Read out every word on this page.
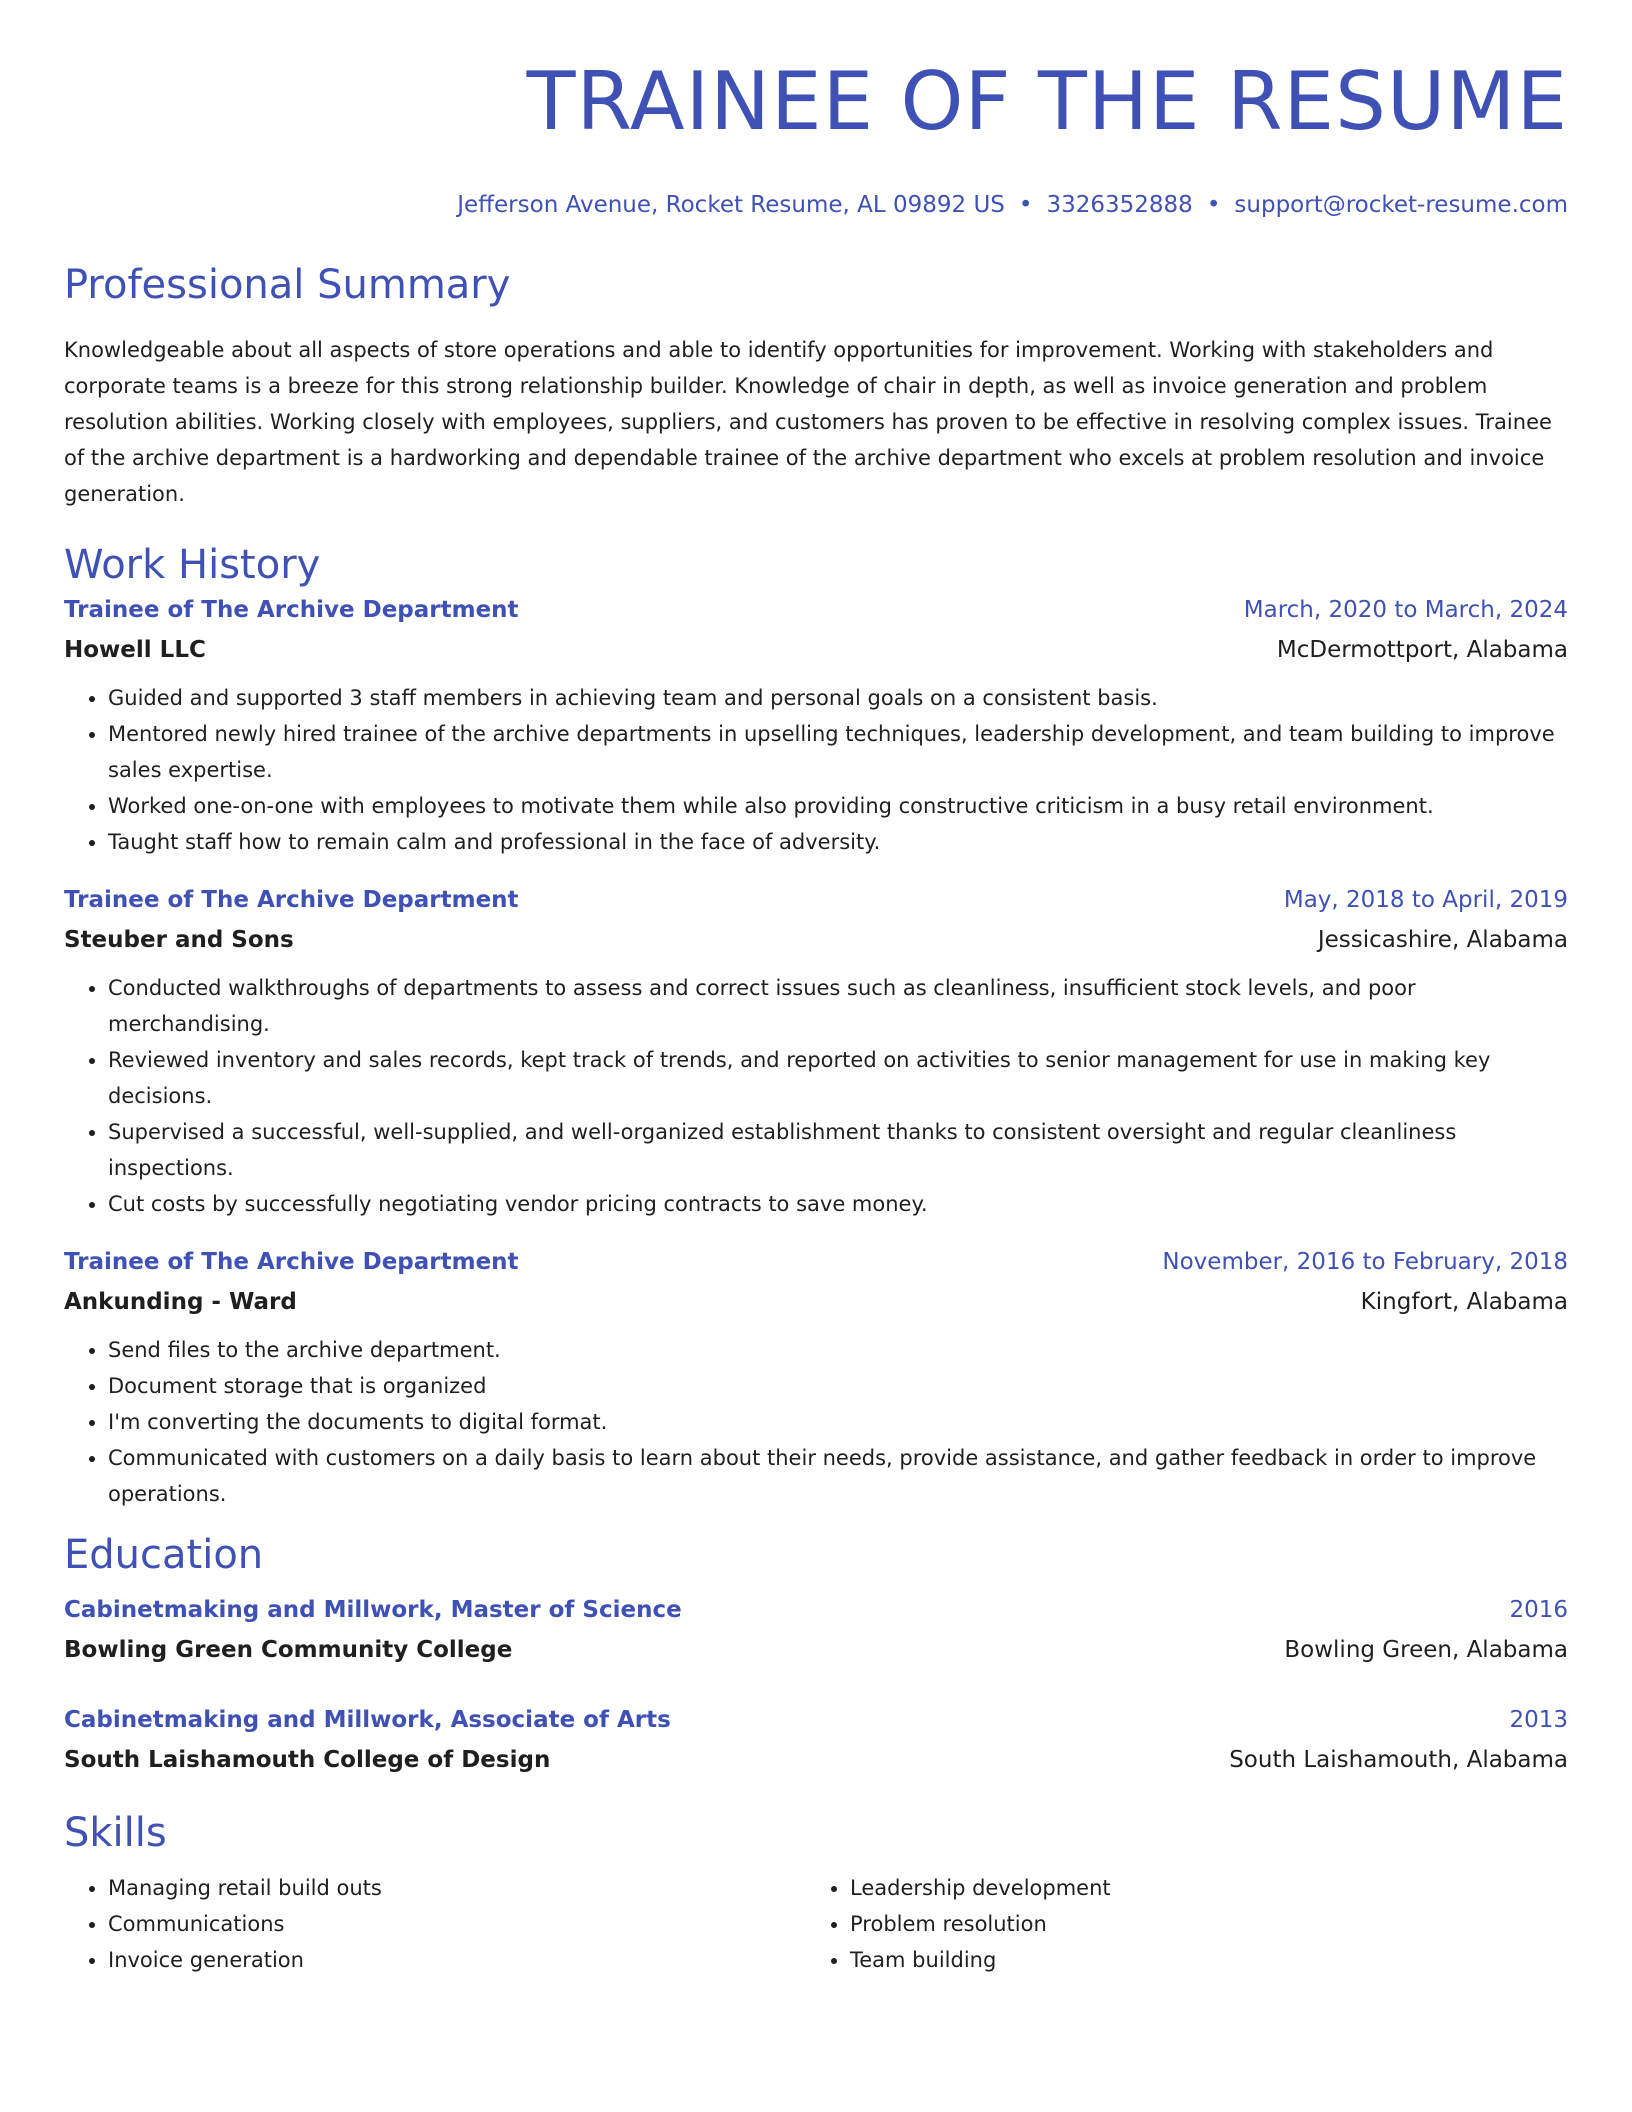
TRAINEE OF THE RESUME
Jefferson Avenue, Rocket Resume, AL 09892 US • 3326352888 • support@rocket-resume.com
Professional Summary

Knowledgeable about all aspects of store operations and able to identify opportunities for improvement. Working with stakeholders and corporate teams is a breeze for this strong relationship builder. Knowledge of chair in depth, as well as invoice generation and problem resolution abilities. Working closely with employees, suppliers, and customers has proven to be effective in resolving complex issues. Trainee of the archive department is a hardworking and dependable trainee of the archive department who excels at problem resolution and invoice generation.

Work History
Trainee of The Archive Department	March, 2020 to March, 2024
Howell LLC	McDermottport, Alabama
• Guided and supported 3 staff members in achieving team and personal goals on a consistent basis.
• Mentored newly hired trainee of the archive departments in upselling techniques, leadership development, and team building to improve sales expertise.
• Worked one-on-one with employees to motivate them while also providing constructive criticism in a busy retail environment.
• Taught staff how to remain calm and professional in the face of adversity.
Trainee of The Archive Department	May, 2018 to April, 2019
Steuber and Sons	Jessicashire, Alabama
• Conducted walkthroughs of departments to assess and correct issues such as cleanliness, insufficient stock levels, and poor merchandising.
• Reviewed inventory and sales records, kept track of trends, and reported on activities to senior management for use in making key decisions.
• Supervised a successful, well-supplied, and well-organized establishment thanks to consistent oversight and regular cleanliness inspections.
• Cut costs by successfully negotiating vendor pricing contracts to save money.
Trainee of The Archive Department	November, 2016 to February, 2018
Ankunding - Ward	Kingfort, Alabama
• Send files to the archive department.
• Document storage that is organized
• I'm converting the documents to digital format.
• Communicated with customers on a daily basis to learn about their needs, provide assistance, and gather feedback in order to improve operations.
Education
Cabinetmaking and Millwork, Master of Science	2016
Bowling Green Community College	Bowling Green, Alabama
Cabinetmaking and Millwork, Associate of Arts	2013
South Laishamouth College of Design	South Laishamouth, Alabama
Skills
• Managing retail build outs
• Communications
• Invoice generation
• Leadership development
• Problem resolution
• Team building
